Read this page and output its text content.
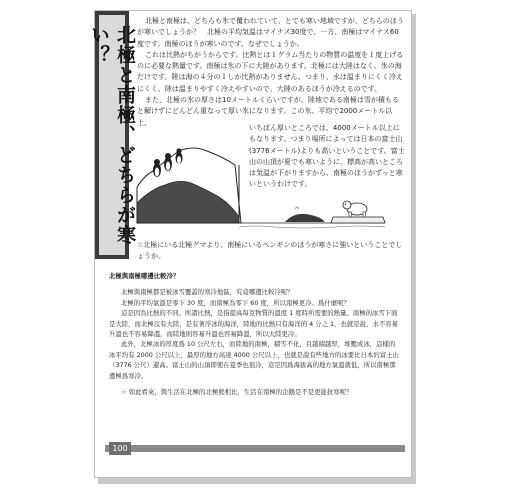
北極と南極、どちらが寒い？

北極と南極は、どちらも氷で覆われていて、とても寒い地域ですが、どちらのほうが寒いでしょうか？　北極の平均気温はマイナス30度で、一方、南極はマイナス60度です。南極のほうが寒いのです。なぜでしょうか。

これは比熱がちがうからです。比熱とは１グラム当たりの物質の温度を１度上げるのに必要な熱量です。南極は氷の下に大陸があります。北極には大陸はなく、氷の海だけです。陸は海の４分の１しか比熱がありません。つまり、水は温まりにくく冷えにくく、陸は温まりやすく冷えやすいので、大陸のあるほうが冷えるのです。

また、北極の氷の厚さは10メートルくらいですが、陸地である南極は雪が積もると解けずにどんどん重なって厚い氷になります。この氷、平均で2000メートル以上、

いちばん厚いところでは、4000メートル以上にもなります。つまり場所によっては日本の富士山(3776メートル)よりも高いということです。富士山の山頂が夏でも寒いように、標高が高いところは気温が下がりますから、南極のほうがずっと寒いというわけです。

☆北極にいる北極グマより、南極にいるペンギンのほうが寒さに強いということでしょうか。
北極與南極哪邊比較冷？

北極與南極都是被冰雪覆蓋的寒冷地區，究竟哪邊比較冷呢？

北極的平均氣溫是零下 30 度，而南極為零下 60 度，所以南極更冷。爲什麼呢？

這是因為比熱的不同。所謂比熱，是指提高每克物質的溫度 1 度時所需要的熱量。南極的冰雪下面是大陸，而北極沒有大陸，是有著浮冰的海洋，陸地的比熱只有海洋的 4 分之 1，也就是說，水不容易升溫也不容易降溫，而陸地則容易升溫也容易降溫，所以大陸更冷。

此外，北極冰的厚度爲 10 公尺左右，而陸地的南極，積雪不化，且越積越厚，堆壓成冰，這樣的冰平均有 2000 公尺以上，最厚的地方高達 4000 公尺以上，也就是說有些地方的冰要比日本的富士山（3776 公尺）還高。富士山的山頂即使在夏季也很冷，這是因爲海拔高的地方氣溫就低，所以南極那邊極爲寒冷。

☆ 如此看來，與生活在北極的北極熊相比，生活在南極的企鵝是不是更能抗寒呢？

100
